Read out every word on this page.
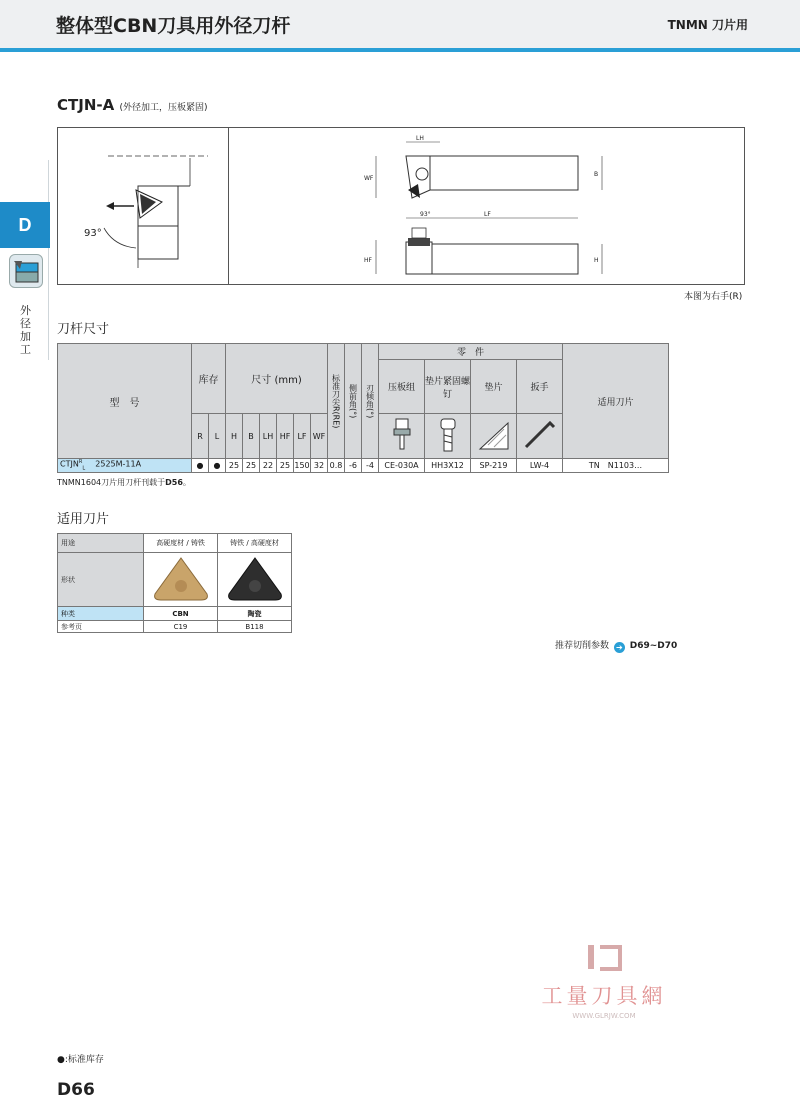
整体型CBN刀具用外径刀杆	TNMN 刀片用
D
外径加工
CTJN-A (外径加工，压板紧固)
93°
LH
WF
B
LF
93°
HF	H
本图为右手(R)
刀杆尺寸
型　号	库存		尺寸 (mm)						标准刀尖R(RE)	侧前角(°)	刃倾角(°)	零　件				适用刀片
												压板组	垫片紧固螺钉	垫片	扳手	
	R	L	H	B	LH	HF	LF	WF				
$CTJN^R_L$ 2525M-11A	●	●	25	25	22	25	150	32	0.8	-6	-4	CE-030A	HH3X12	SP-219	LW-4	TN　N1103…
TNMN1604刀片用刀杆刊载于D56。
适用刀片
用途	高硬度材 / 铸铁	铸铁 / 高硬度材
形状		
种类	CBN	陶瓷
参考页	C19	B118
推荐切削参数 ➔ D69~D70
工量刀具網
WWW.GLRJW.COM
●:标准库存
D66
